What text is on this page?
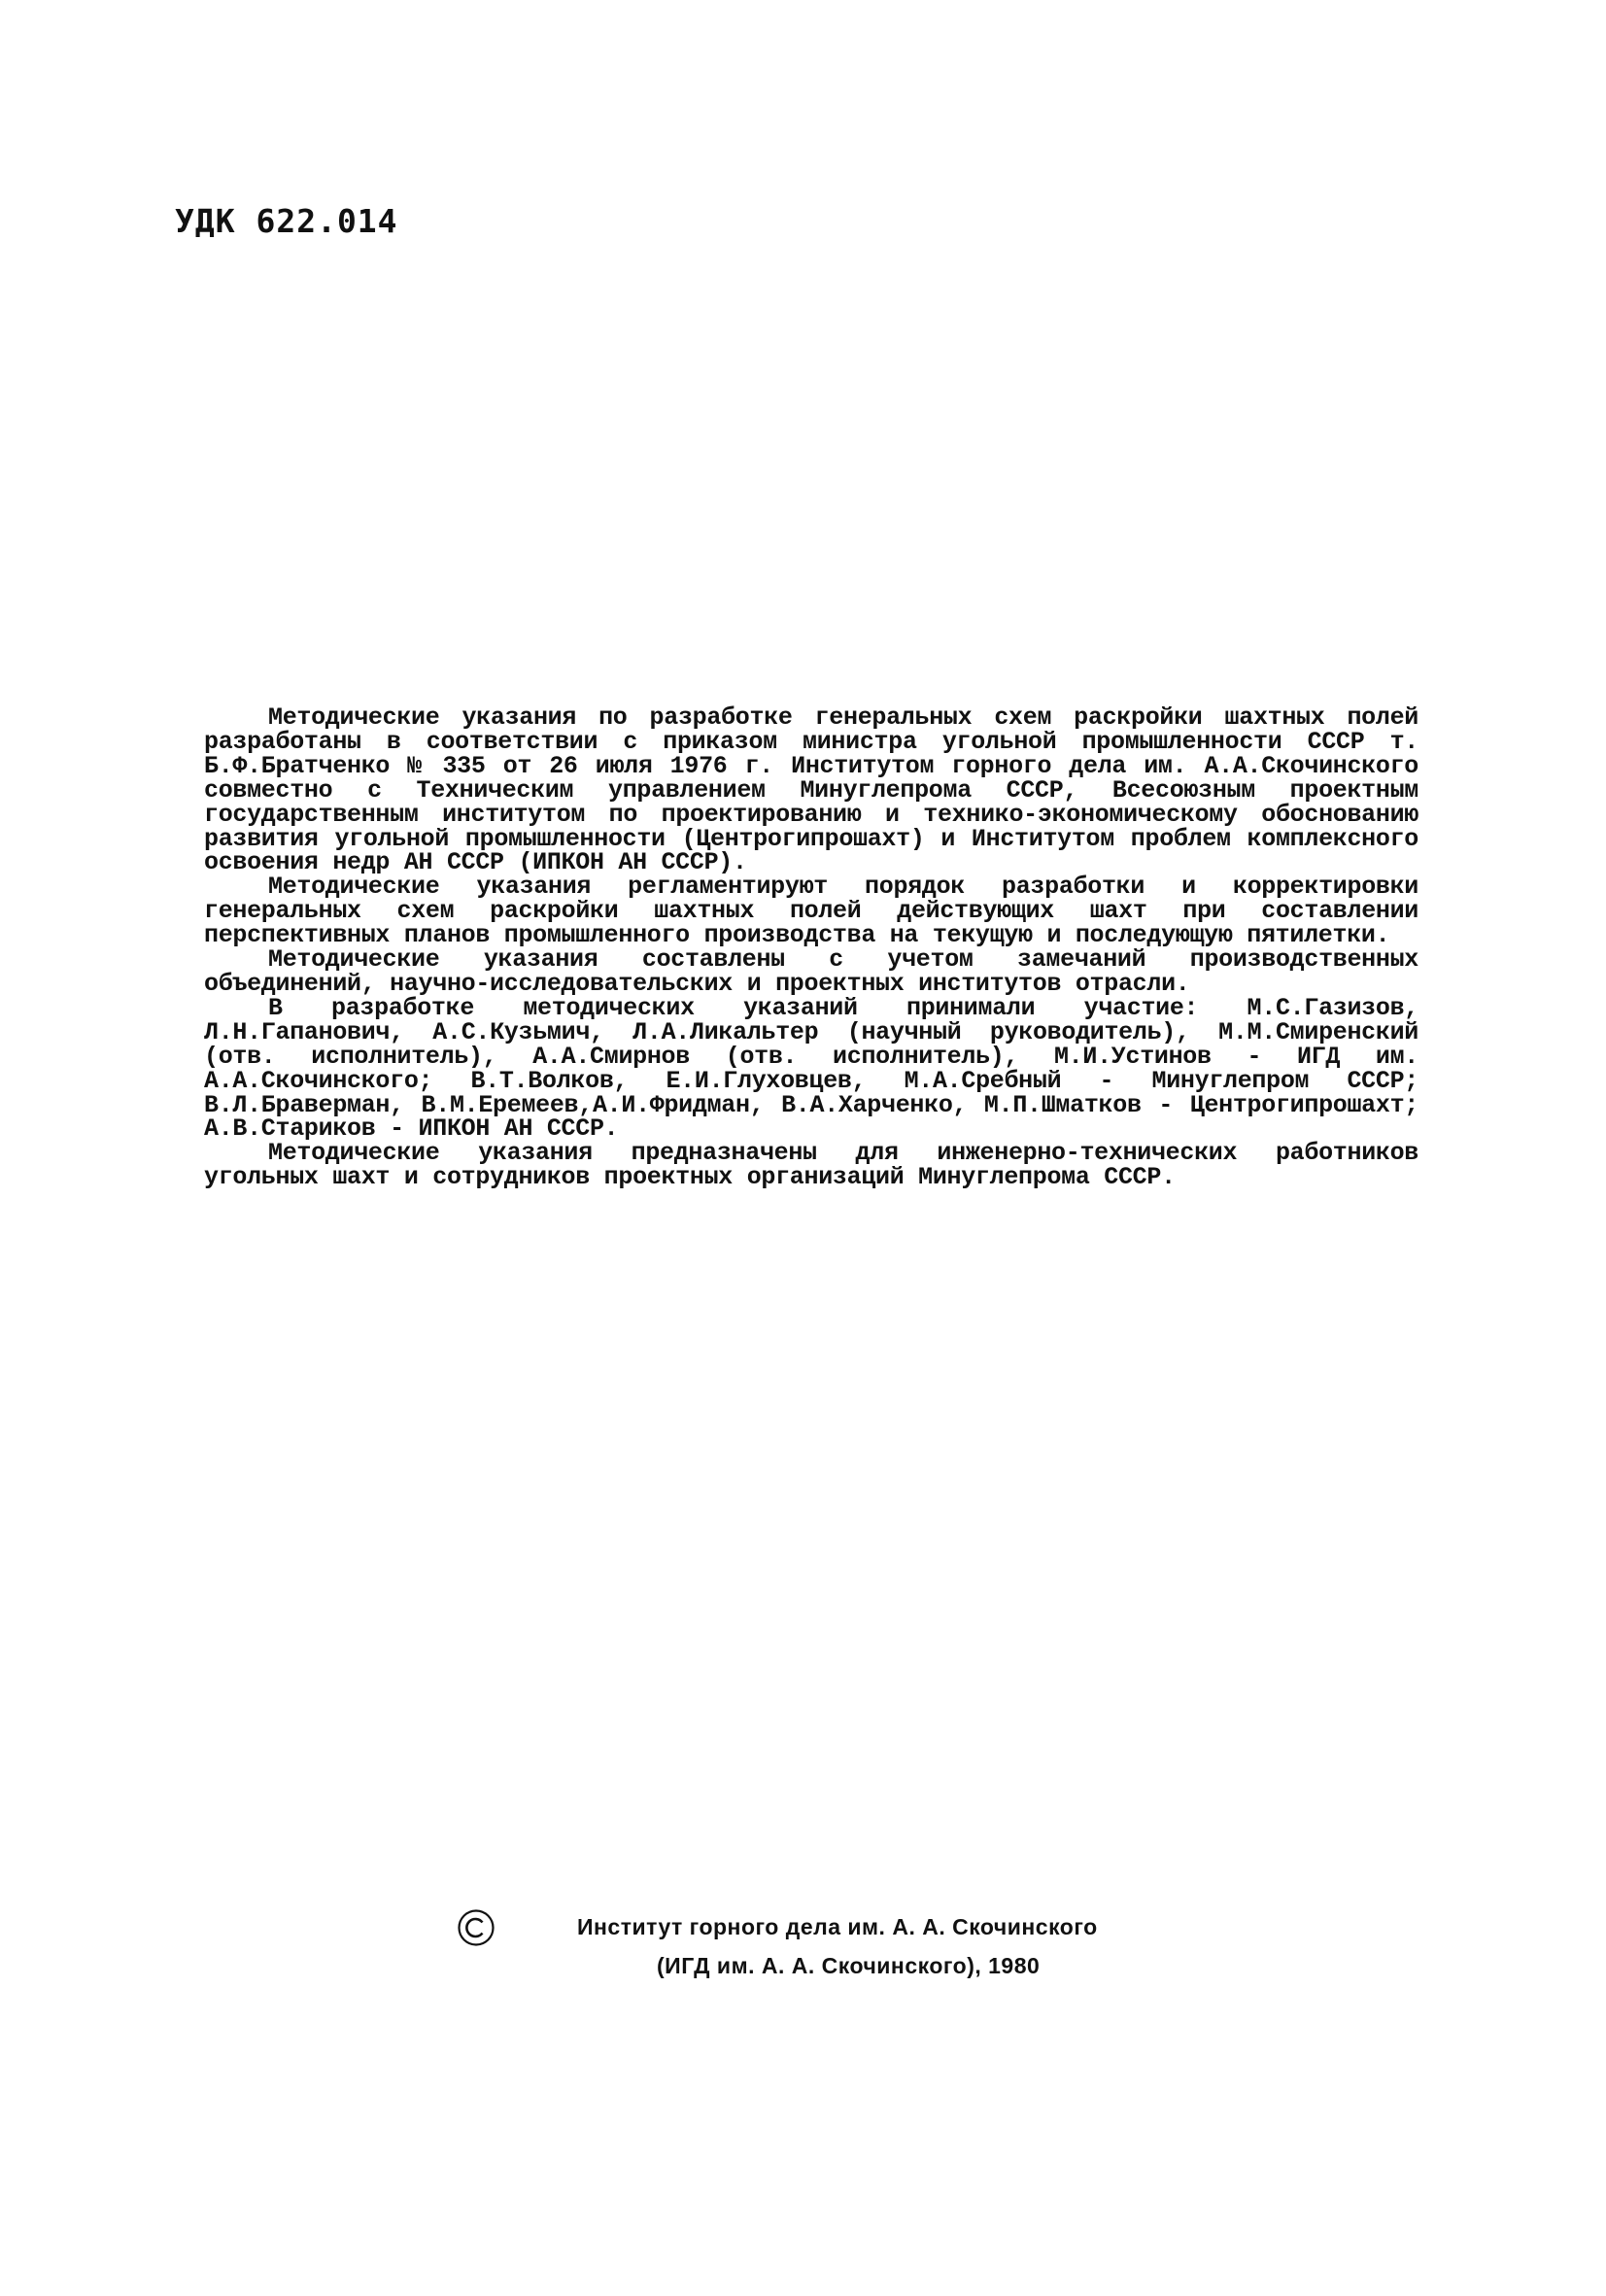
УДК 622.014

Методические указания по разработке генеральных схем раскройки шахтных полей разработаны в соответствии с приказом министра угольной промышленности СССР т. Б.Ф.Братченко № 335 от 26 июля 1976 г. Институтом горного дела им. А.А.Скочинского совместно с Техническим управлением Минуглепрома СССР, Всесоюзным проектным государственным институтом по проектированию и технико-экономическому обоснованию развития угольной промышленности (Центрогипрошахт) и Институтом проблем комплексного освоения недр АН СССР (ИПКОН АН СССР).

Методические указания регламентируют порядок разработки и корректировки генеральных схем раскройки шахтных полей действующих шахт при составлении перспективных планов промышленного производства на текущую и последующую пятилетки.

Методические указания составлены с учетом замечаний производственных объединений, научно-исследовательских и проектных институтов отрасли.

В разработке методических указаний принимали участие: М.С.Газизов, Л.Н.Гапанович, А.С.Кузьмич, Л.А.Ликальтер (научный руководитель), М.М.Смиренский (отв. исполнитель), А.А.Смирнов (отв. исполнитель), М.И.Устинов - ИГД им. А.А.Скочинского; В.Т.Волков, Е.И.Глуховцев, М.А.Сребный - Минуглепром СССР; В.Л.Браверман, В.М.Еремеев,А.И.Фридман, В.А.Харченко, М.П.Шматков - Центрогипрошахт; А.В.Стариков - ИПКОН АН СССР.

Методические указания предназначены для инженерно-технических работников угольных шахт и сотрудников проектных организаций Минуглепрома СССР.

Институт горного дела им. А. А. Скочинского
(ИГД им. А. А. Скочинского), 1980
